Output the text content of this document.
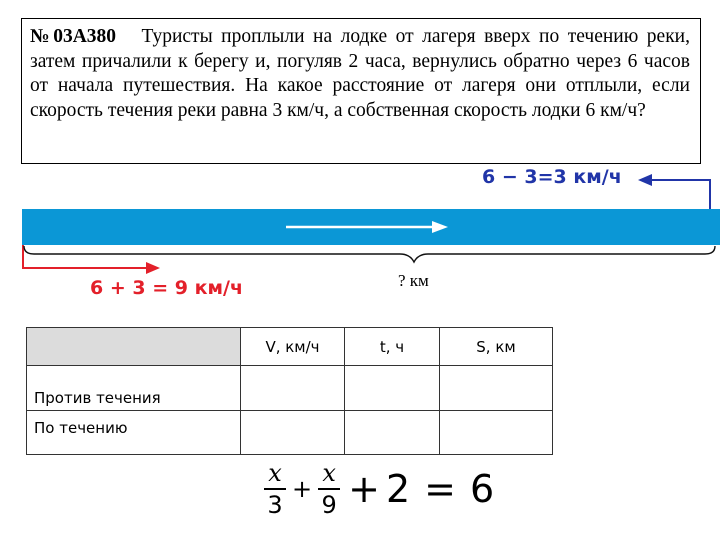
№03А380 Туристы проплыли на лодке от лагеря вверх по течению реки, затем причалили к берегу и, погуляв 2 часа, вернулись обратно через 6 часов от начала путешествия. На какое расстояние от лагеря они отплыли, если скорость течения реки равна 3 км/ч, а собственная скорость лодки 6 км/ч?
6 − 3=3 км/ч
6 + 3 = 9 км/ч	? км
	V, км/ч	t, ч	S, км
Против течения			
По течению			
$\frac{x}{3} + \frac{x}{9} + 2 = 6$
